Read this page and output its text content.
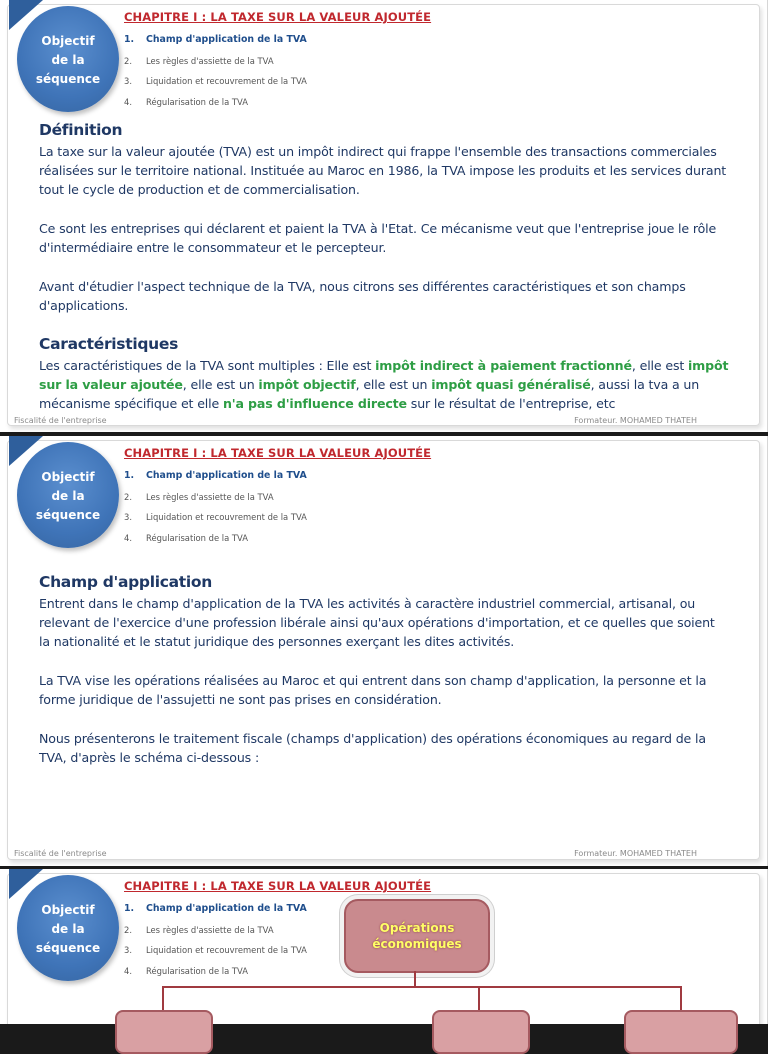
Objectif
de la
séquence
CHAPITRE I : LA TAXE SUR LA VALEUR AJOUTÉE
1. Champ d'application de la TVA
2. Les règles d'assiette de la TVA
3. Liquidation et recouvrement de la TVA
4. Régularisation de la TVA
Définition

La taxe sur la valeur ajoutée (TVA) est un impôt indirect qui frappe l'ensemble des transactions commerciales réalisées sur le territoire national. Instituée au Maroc en 1986, la TVA impose les produits et les services durant tout le cycle de production et de commercialisation.

Ce sont les entreprises qui déclarent et paient la TVA à l'Etat. Ce mécanisme veut que l'entreprise joue le rôle d'intermédiaire entre le consommateur et le percepteur.

Avant d'étudier l'aspect technique de la TVA, nous citrons ses différentes caractéristiques et son champs d'applications.

Caractéristiques

Les caractéristiques de la TVA sont multiples : Elle est impôt indirect à paiement fractionné, elle est impôt sur la valeur ajoutée, elle est un impôt objectif, elle est un impôt quasi généralisé, aussi la tva a un mécanisme spécifique et elle n'a pas d'influence directe sur le résultat de l'entreprise, etc

Fiscalité de l'entreprise	Formateur. MOHAMED THATEH
Objectif
de la
séquence
CHAPITRE I : LA TAXE SUR LA VALEUR AJOUTÉE
1. Champ d'application de la TVA
2. Les règles d'assiette de la TVA
3. Liquidation et recouvrement de la TVA
4. Régularisation de la TVA
Champ d'application

Entrent dans le champ d'application de la TVA les activités à caractère industriel commercial, artisanal, ou relevant de l'exercice d'une profession libérale ainsi qu'aux opérations d'importation, et ce quelles que soient la nationalité et le statut juridique des personnes exerçant les dites activités.

La TVA vise les opérations réalisées au Maroc et qui entrent dans son champ d'application, la personne et la forme juridique de l'assujetti ne sont pas prises en considération.

Nous présenterons le traitement fiscale (champs d'application) des opérations économiques au regard de la TVA, d'après le schéma ci-dessous :

Fiscalité de l'entreprise	Formateur. MOHAMED THATEH
Objectif
de la
séquence
CHAPITRE I : LA TAXE SUR LA VALEUR AJOUTÉE
1. Champ d'application de la TVA
2. Les règles d'assiette de la TVA
3. Liquidation et recouvrement de la TVA
4. Régularisation de la TVA
Opérations économiques
